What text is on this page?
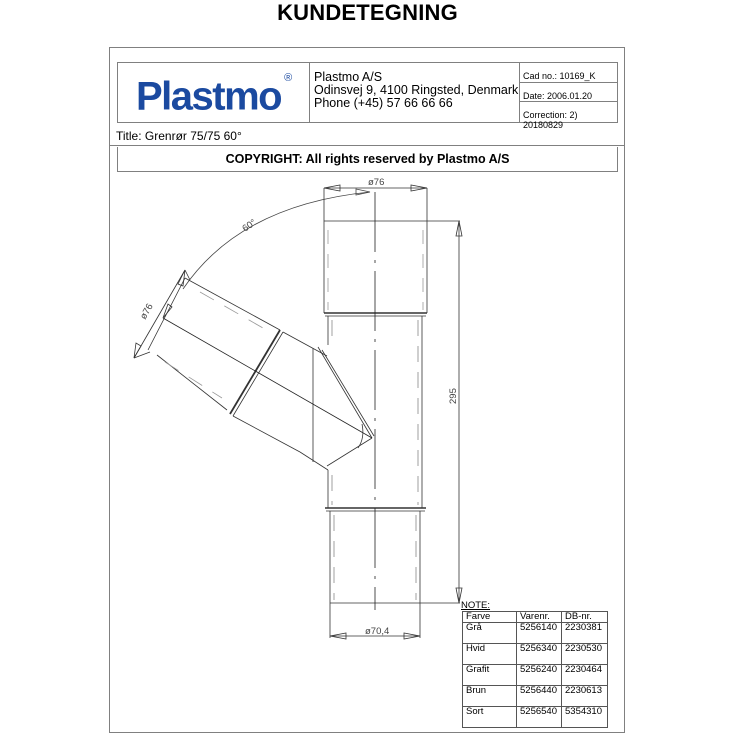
KUNDETEGNING
Plastmo ®	Plastmo A/S
Odinsvej 9, 4100 Ringsted, Denmark
Phone (+45) 57 66 66 66
Cad no.: 10169_K
Date: 2006.01.20
Correction: 2) 20180829
Title: Grenrør 75/75 60°
COPYRIGHT: All rights reserved by Plastmo A/S
ø76
ø70,4
295
ø76
60°
NOTE:
Farve	Varenr.	DB-nr.
Grå	5256140	2230381
Hvid	5256340	2230530
Grafit	5256240	2230464
Brun	5256440	2230613
Sort	5256540	5354310
